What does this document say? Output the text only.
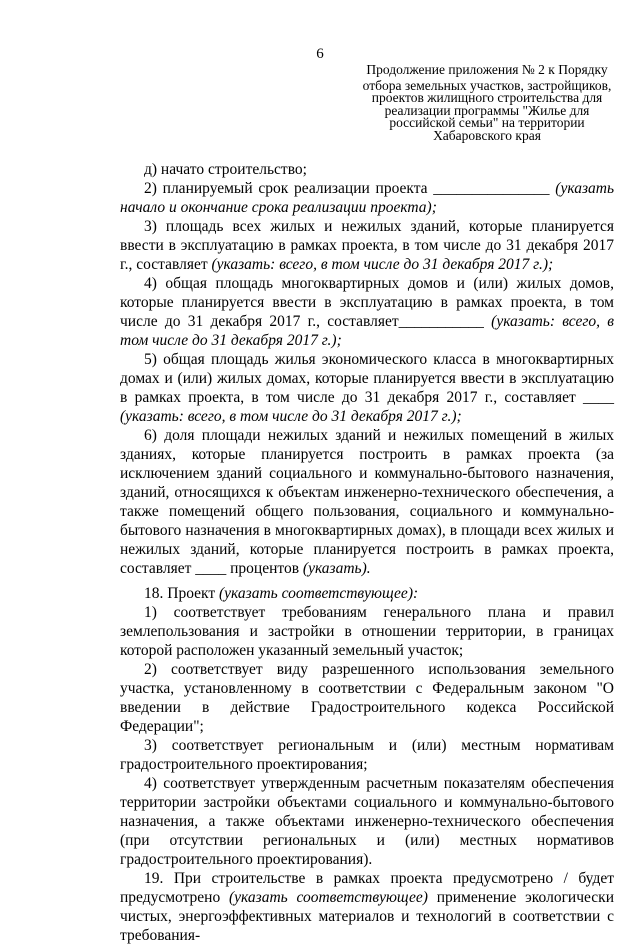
6
Продолжение приложения № 2 к Порядку
отбора земельных участков, застройщиков, проектов жилищного строительства для реализации программы "Жилье для российской семьи" на территории Хабаровского края

д) начато строительство;

2) планируемый срок реализации проекта _______________ (указать начало и окончание срока реализации проекта);

3) площадь всех жилых и нежилых зданий, которые планируется ввести в эксплуатацию в рамках проекта, в том числе до 31 декабря 2017 г., составляет (указать: всего, в том числе до 31 декабря 2017 г.);

4) общая площадь многоквартирных домов и (или) жилых домов, которые планируется ввести в эксплуатацию в рамках проекта, в том числе до 31 декабря 2017 г., составляет___________ (указать: всего, в том числе до 31 декабря 2017 г.);

5) общая площадь жилья экономического класса в многоквартирных домах и (или) жилых домах, которые планируется ввести в эксплуатацию в рамках проекта, в том числе до 31 декабря 2017 г., составляет ____ (указать: всего, в том числе до 31 декабря 2017 г.);

6) доля площади нежилых зданий и нежилых помещений в жилых зданиях, которые планируется построить в рамках проекта (за исключением зданий социального и коммунально-бытового назначения, зданий, относящихся к объектам инженерно-технического обеспечения, а также помещений общего пользования, социального и коммунально-бытового назначения в многоквартирных домах), в площади всех жилых и нежилых зданий, которые планируется построить в рамках проекта, составляет ____ процентов (указать).

18. Проект (указать соответствующее):

1) соответствует требованиям генерального плана и правил землепользования и застройки в отношении территории, в границах которой расположен указанный земельный участок;

2) соответствует виду разрешенного использования земельного участка, установленному в соответствии с Федеральным законом "О введении в действие Градостроительного кодекса Российской Федерации";

3) соответствует региональным и (или) местным нормативам градостроительного проектирования;

4) соответствует утвержденным расчетным показателям обеспечения территории застройки объектами социального и коммунально-бытового назначения, а также объектами инженерно-технического обеспечения (при отсутствии региональных и (или) местных нормативов градостроительного проектирования).

19. При строительстве в рамках проекта предусмотрено / будет предусмотрено (указать соответствующее) применение экологически чистых, энергоэффективных материалов и технологий в соответствии с требования-
